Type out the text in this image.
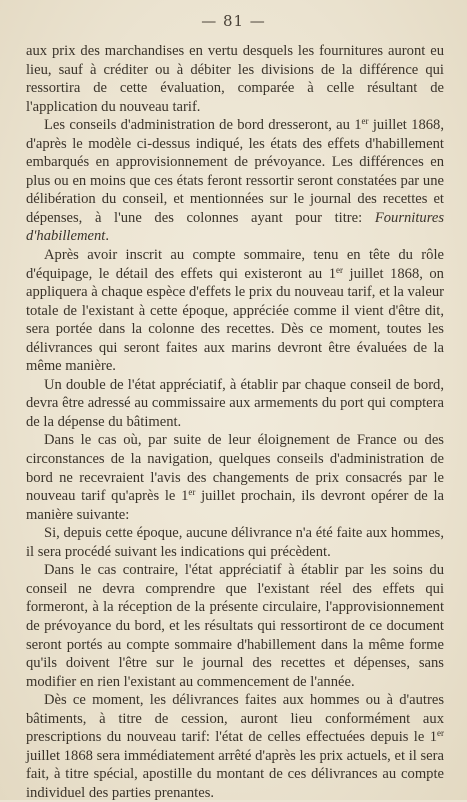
— 81 —

aux prix des marchandises en vertu desquels les fournitures auront eu lieu, sauf à créditer ou à débiter les divisions de la différence qui ressortira de cette évaluation, comparée à celle résultant de l'application du nouveau tarif.

Les conseils d'administration de bord dresseront, au 1er juillet 1868, d'après le modèle ci-dessus indiqué, les états des effets d'habillement embarqués en approvisionnement de prévoyance. Les différences en plus ou en moins que ces états feront ressortir seront constatées par une délibération du conseil, et mentionnées sur le journal des recettes et dépenses, à l'une des colonnes ayant pour titre: Fournitures d'habillement.

Après avoir inscrit au compte sommaire, tenu en tête du rôle d'équipage, le détail des effets qui existeront au 1er juillet 1868, on appliquera à chaque espèce d'effets le prix du nouveau tarif, et la valeur totale de l'existant à cette époque, appréciée comme il vient d'être dit, sera portée dans la colonne des recettes. Dès ce moment, toutes les délivrances qui seront faites aux marins devront être évaluées de la même manière.

Un double de l'état appréciatif, à établir par chaque conseil de bord, devra être adressé au commissaire aux armements du port qui comptera de la dépense du bâtiment.

Dans le cas où, par suite de leur éloignement de France ou des circonstances de la navigation, quelques conseils d'administration de bord ne recevraient l'avis des changements de prix consacrés par le nouveau tarif qu'après le 1er juillet prochain, ils devront opérer de la manière suivante:

Si, depuis cette époque, aucune délivrance n'a été faite aux hommes, il sera procédé suivant les indications qui précèdent.

Dans le cas contraire, l'état appréciatif à établir par les soins du conseil ne devra comprendre que l'existant réel des effets qui formeront, à la réception de la présente circulaire, l'approvisionnement de prévoyance du bord, et les résultats qui ressortiront de ce document seront portés au compte sommaire d'habillement dans la même forme qu'ils doivent l'être sur le journal des recettes et dépenses, sans modifier en rien l'existant au commencement de l'année.

Dès ce moment, les délivrances faites aux hommes ou à d'autres bâtiments, à titre de cession, auront lieu conformément aux prescriptions du nouveau tarif: l'état de celles effectuées depuis le 1er juillet 1868 sera immédiatement arrêté d'après les prix actuels, et il sera fait, à titre spécial, apostille du montant de ces délivrances au compte individuel des parties prenantes.
